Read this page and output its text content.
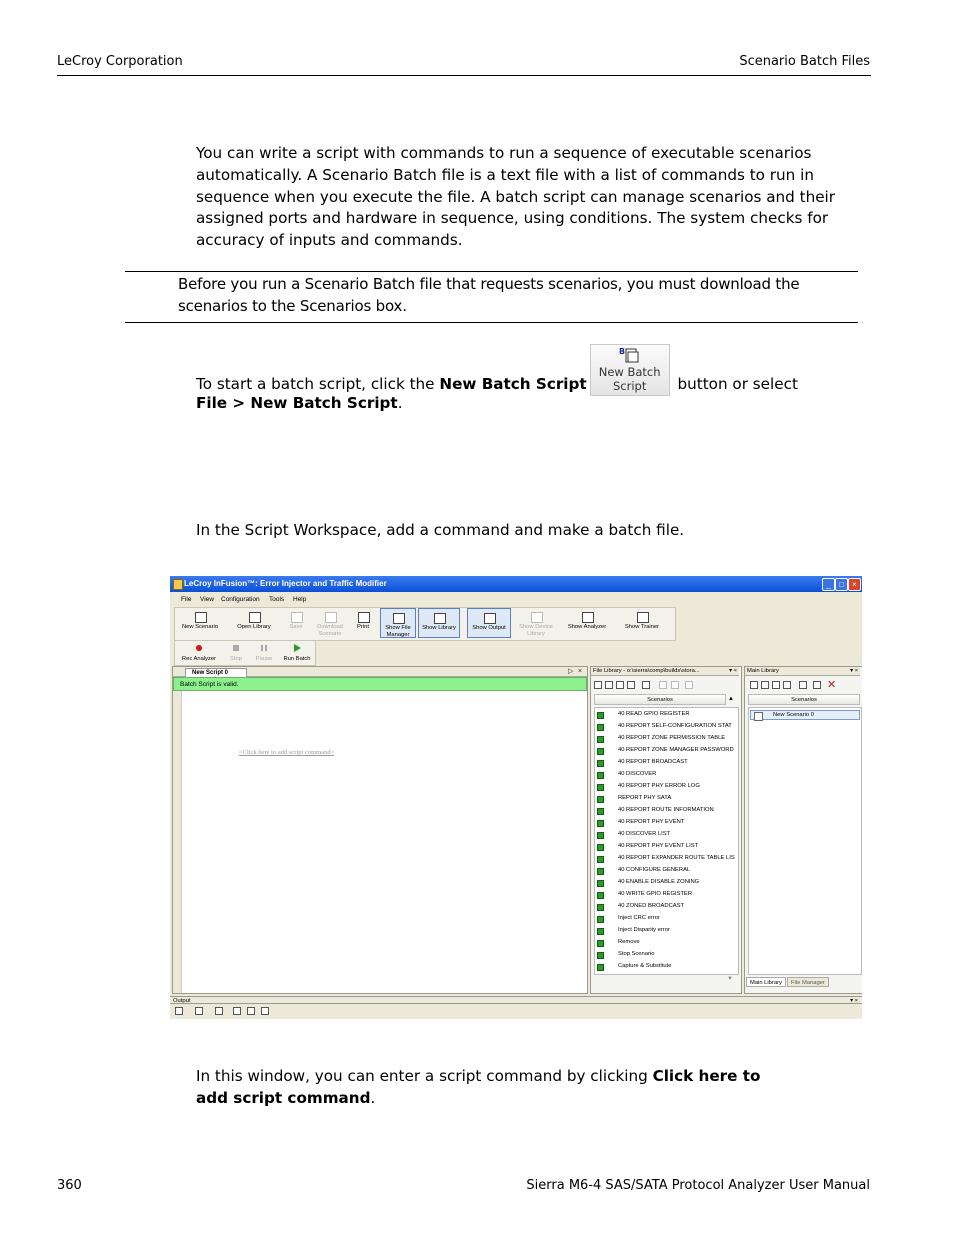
LeCroy Corporation	Scenario Batch Files
You can write a script with commands to run a sequence of executable scenarios automatically. A Scenario Batch file is a text file with a list of commands to run in sequence when you execute the file. A batch script can manage scenarios and their assigned ports and hardware in sequence, using conditions. The system checks for accuracy of inputs and commands.
Before you run a Scenario Batch file that requests scenarios, you must download the scenarios to the Scenarios box.
To start a batch script, click the New Batch Script
B
New Batch
Script	button or select
File > New Batch Script.
In the Script Workspace, add a command and make a batch file.
LeCroy InFusion™: Error Injector and Traffic Modifier	_	□	×
File View Configuration Tools Help
New Scenario	Open Library	Save	Download Scenario
Print	Show File Manager
Show Library	Show Output	Show Device Library
Show Analyzer	Show Trainer
Rec Analyzer	Stop	Pause	Run Batch
New Script 0	▷ ×
Batch Script is valid.
<Click here to add script command>
File Library - o:\sierra\comp\builds\stora...	▾ ×
Scenarios	▲
40 READ GPIO REGISTER
40 REPORT SELF-CONFIGURATION STAT
40 REPORT ZONE PERMISSION TABLE
40 REPORT ZONE MANAGER PASSWORD
40 REPORT BROADCAST
40 DISCOVER
40 REPORT PHY ERROR LOG
REPORT PHY SATA
40 REPORT ROUTE INFORMATION
40 REPORT PHY EVENT
40 DISCOVER LIST
40 REPORT PHY EVENT LIST
40 REPORT EXPANDER ROUTE TABLE LIS
40 CONFIGURE GENERAL
40 ENABLE DISABLE ZONING
40 WRITE GPIO REGISTER
40 ZONED BROADCAST
Inject CRC error
Inject Disparity error
Remove
Stop Scenario
Capture & Substitute
▼
Main Library	▾ ×
✕
Scenarios
New Scenario 0
Main Library	File Manager
Output	▾ ×
In this window, you can enter a script command by clicking Click here to add script command.
360	Sierra M6-4 SAS/SATA Protocol Analyzer User Manual
